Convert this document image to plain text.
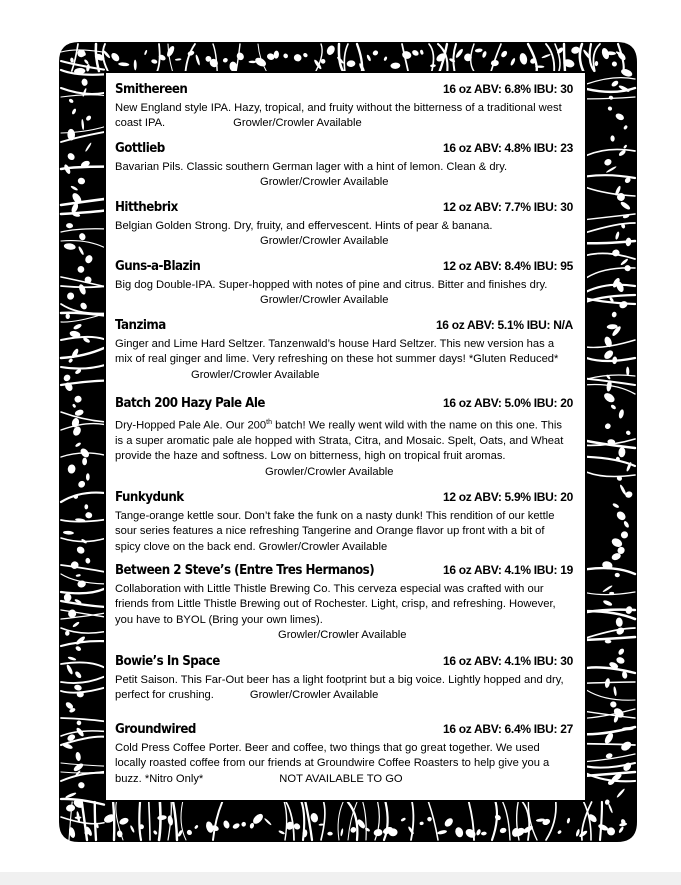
Smithereen	16 oz ABV: 6.8% IBU: 30
New England style IPA. Hazy, tropical, and fruity without the bitterness of a traditional west coast IPA.	Growler/Crowler Available
Gottlieb	16 oz ABV: 4.8% IBU: 23
Bavarian Pils. Classic southern German lager with a hint of lemon. Clean & dry.
Growler/Crowler Available
Hitthebrix	12 oz ABV: 7.7% IBU: 30
Belgian Golden Strong. Dry, fruity, and effervescent. Hints of pear & banana.
Growler/Crowler Available
Guns-a-Blazin	12 oz ABV: 8.4% IBU: 95
Big dog Double-IPA. Super-hopped with notes of pine and citrus. Bitter and finishes dry.
Growler/Crowler Available
Tanzima	16 oz ABV: 5.1% IBU: N/A
Ginger and Lime Hard Seltzer. Tanzenwald’s house Hard Seltzer. This new version has a mix of real ginger and lime. Very refreshing on these hot summer days! *Gluten Reduced*Growler/Crowler Available
Batch 200 Hazy Pale Ale	16 oz ABV: 5.0% IBU: 20
Dry-Hopped Pale Ale. Our 200th batch! We really went wild with the name on this one. This is a super aromatic pale ale hopped with Strata, Citra, and Mosaic. Spelt, Oats, and Wheat provide the haze and softness. Low on bitterness, high on tropical fruit aromas.
Growler/Crowler Available
Funkydunk	12 oz ABV: 5.9% IBU: 20
Tange-orange kettle sour. Don’t fake the funk on a nasty dunk! This rendition of our kettle sour series features a nice refreshing Tangerine and Orange flavor up front with a bit of spicy clove on the back end. Growler/Crowler Available
Between 2 Steve’s (Entre Tres Hermanos)	16 oz ABV: 4.1% IBU: 19
Collaboration with Little Thistle Brewing Co. This cerveza especial was crafted with our friends from Little Thistle Brewing out of Rochester. Light, crisp, and refreshing. However, you have to BYOL (Bring your own limes).
Growler/Crowler Available
Bowie’s In Space	16 oz ABV: 4.1% IBU: 30
Petit Saison. This Far-Out beer has a light footprint but a big voice. Lightly hopped and dry, perfect for crushing.	Growler/Crowler Available
Groundwired	16 oz ABV: 6.4% IBU: 27
Cold Press Coffee Porter. Beer and coffee, two things that go great together. We used locally roasted coffee from our friends at Groundwire Coffee Roasters to help give you a buzz. *Nitro Only*	NOT AVAILABLE TO GO
